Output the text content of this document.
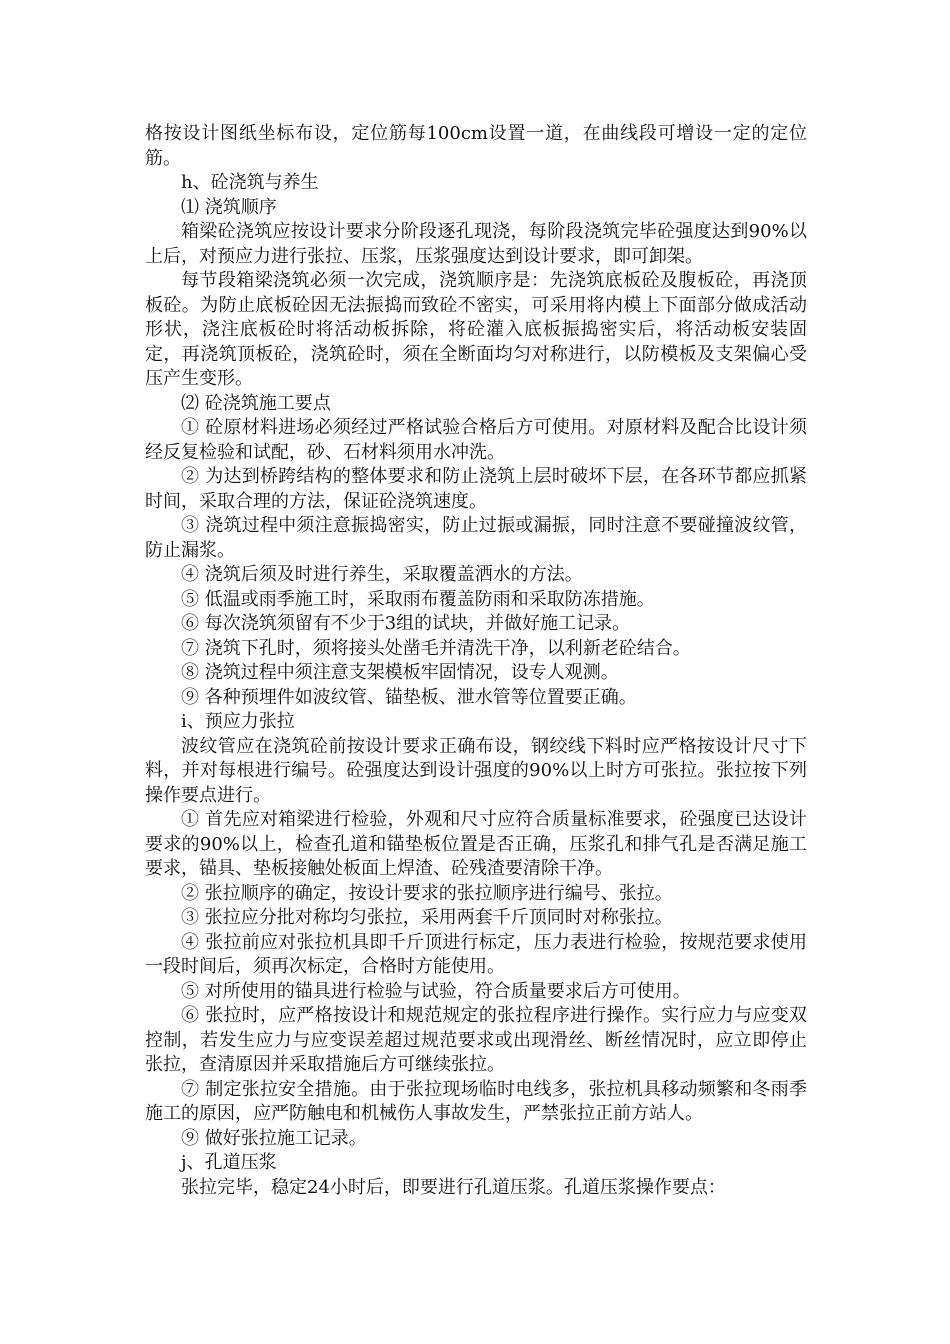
格按设计图纸坐标布设，定位筋每100cm设置一道，在曲线段可增设一定的定位筋。

h、砼浇筑与养生

⑴ 浇筑顺序

箱梁砼浇筑应按设计要求分阶段逐孔现浇，每阶段浇筑完毕砼强度达到90%以上后，对预应力进行张拉、压浆，压浆强度达到设计要求，即可卸架。

每节段箱梁浇筑必须一次完成，浇筑顺序是：先浇筑底板砼及腹板砼，再浇顶板砼。为防止底板砼因无法振捣而致砼不密实，可采用将内模上下面部分做成活动形状，浇注底板砼时将活动板拆除，将砼灌入底板振捣密实后，将活动板安装固定，再浇筑顶板砼，浇筑砼时，须在全断面均匀对称进行，以防模板及支架偏心受压产生变形。

⑵ 砼浇筑施工要点

① 砼原材料进场必须经过严格试验合格后方可使用。对原材料及配合比设计须经反复检验和试配，砂、石材料须用水冲洗。

② 为达到桥跨结构的整体要求和防止浇筑上层时破坏下层，在各环节都应抓紧时间，采取合理的方法，保证砼浇筑速度。

③ 浇筑过程中须注意振捣密实，防止过振或漏振，同时注意不要碰撞波纹管，防止漏浆。

④ 浇筑后须及时进行养生，采取覆盖洒水的方法。

⑤ 低温或雨季施工时，采取雨布覆盖防雨和采取防冻措施。

⑥ 每次浇筑须留有不少于3组的试块，并做好施工记录。

⑦ 浇筑下孔时，须将接头处凿毛并清洗干净，以利新老砼结合。

⑧ 浇筑过程中须注意支架模板牢固情况，设专人观测。

⑨ 各种预埋件如波纹管、锚垫板、泄水管等位置要正确。

i、预应力张拉

波纹管应在浇筑砼前按设计要求正确布设，钢绞线下料时应严格按设计尺寸下料，并对每根进行编号。砼强度达到设计强度的90%以上时方可张拉。张拉按下列操作要点进行。

① 首先应对箱梁进行检验，外观和尺寸应符合质量标准要求，砼强度已达设计要求的90%以上，检查孔道和锚垫板位置是否正确，压浆孔和排气孔是否满足施工要求，锚具、垫板接触处板面上焊渣、砼残渣要清除干净。

② 张拉顺序的确定，按设计要求的张拉顺序进行编号、张拉。

③ 张拉应分批对称均匀张拉，采用两套千斤顶同时对称张拉。

④ 张拉前应对张拉机具即千斤顶进行标定，压力表进行检验，按规范要求使用一段时间后，须再次标定，合格时方能使用。

⑤ 对所使用的锚具进行检验与试验，符合质量要求后方可使用。

⑥ 张拉时，应严格按设计和规范规定的张拉程序进行操作。实行应力与应变双控制，若发生应力与应变误差超过规范要求或出现滑丝、断丝情况时，应立即停止张拉，查清原因并采取措施后方可继续张拉。

⑦ 制定张拉安全措施。由于张拉现场临时电线多，张拉机具移动频繁和冬雨季施工的原因，应严防触电和机械伤人事故发生，严禁张拉正前方站人。

⑨ 做好张拉施工记录。

j、孔道压浆

张拉完毕，稳定24小时后，即要进行孔道压浆。孔道压浆操作要点：
